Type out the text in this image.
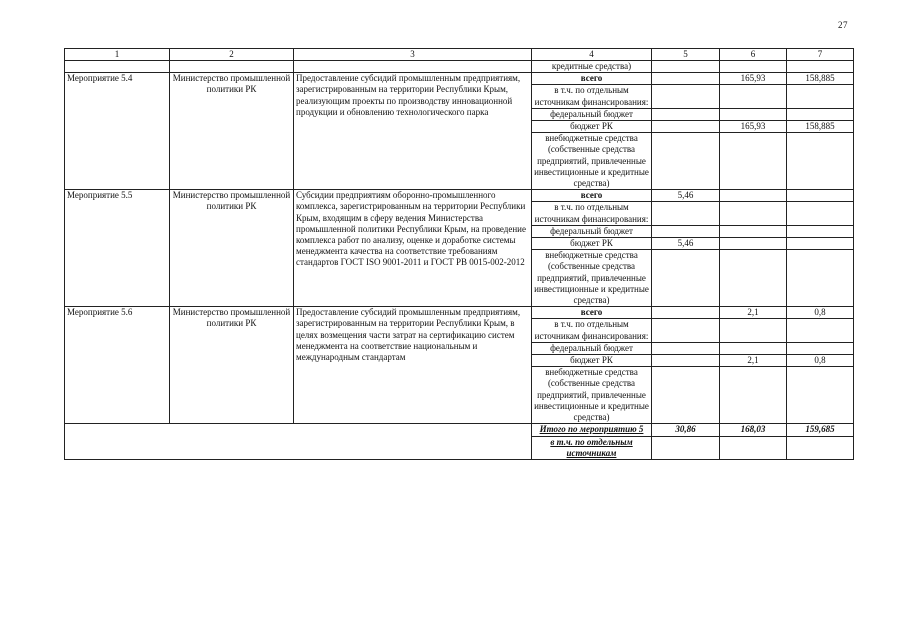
27
1	2	3	4	5	6	7
			кредитные средства)			
Мероприятие 5.4	Министерство промышленной политики РК	Предоставление субсидий промышленным предприятиям, зарегистрированным на территории Республики Крым, реализующим проекты по производству инновационной продукции и обновлению технологического парка	всего		165,93	158,885
			в т.ч. по отдельным источникам финансирования:			
			федеральный бюджет			
			бюджет РК		165,93	158,885
			внебюджетные средства (собственные средства предприятий, привлеченные инвестиционные и кредитные средства)			
Мероприятие 5.5	Министерство промышленной политики РК	Субсидии предприятиям оборонно-промышленного комплекса, зарегистрированным на территории Республики Крым, входящим в сферу ведения Министерства промышленной политики Республики Крым, на проведение комплекса работ по анализу, оценке и доработке системы менеджмента качества на соответствие требованиям стандартов ГОСТ ISO 9001-2011 и ГОСТ РВ 0015-002-2012	всего	5,46		
			в т.ч. по отдельным источникам финансирования:			
			федеральный бюджет			
			бюджет РК	5,46		
			внебюджетные средства (собственные средства предприятий, привлеченные инвестиционные и кредитные средства)			
Мероприятие 5.6	Министерство промышленной политики РК	Предоставление субсидий промышленным предприятиям, зарегистрированным на территории Республики Крым, в целях возмещения части затрат на сертификацию систем менеджмента на соответствие национальным и международным стандартам	всего		2,1	0,8
			в т.ч. по отдельным источникам финансирования:			
			федеральный бюджет			
			бюджет РК		2,1	0,8
			внебюджетные средства (собственные средства предприятий, привлеченные инвестиционные и кредитные средства)			
			Итого по мероприятию 5	30,86	168,03	159,685
			в т.ч. по отдельным источникам			
